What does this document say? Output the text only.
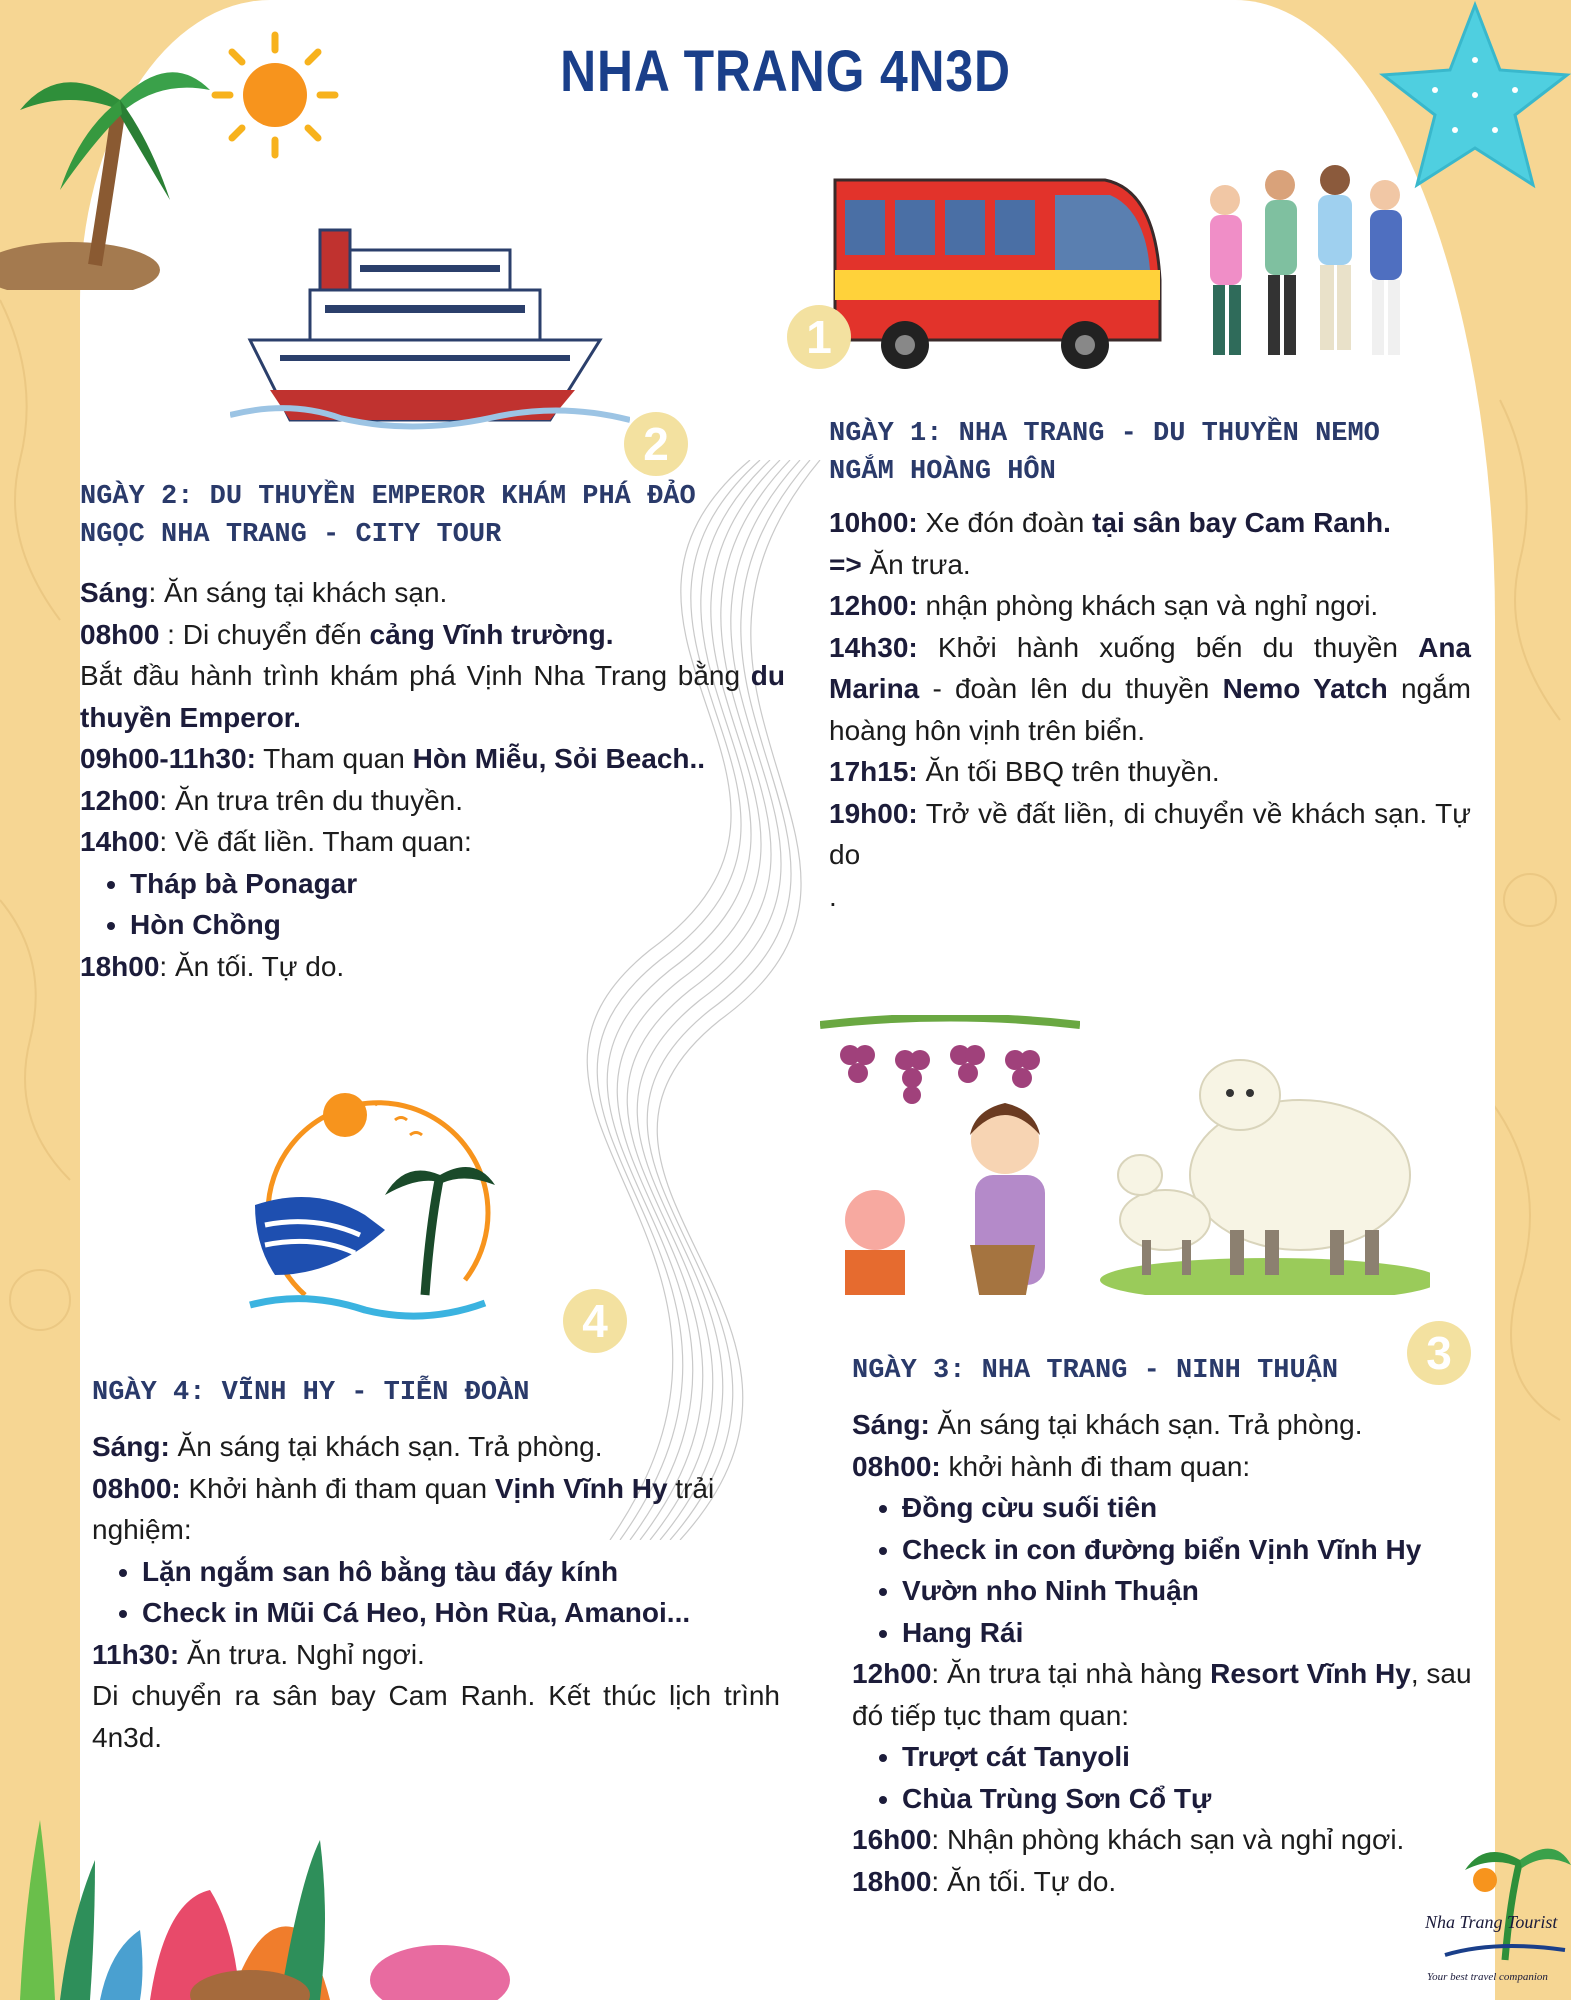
NHA TRANG 4N3D
1
2
3
4
NGÀY 2: DU THUYỀN EMPEROR KHÁM PHÁ ĐẢO
NGỌC NHA TRANG - CITY TOUR

Sáng: Ăn sáng tại khách sạn.

08h00 : Di chuyển đến cảng Vĩnh trường.

Bắt đầu hành trình khám phá Vịnh Nha Trang bằng du thuyền Emperor.

09h00-11h30: Tham quan Hòn Miễu, Sỏi Beach..

12h00: Ăn trưa trên du thuyền.

14h00: Về đất liền. Tham quan:

• Tháp bà Ponagar
• Hòn Chồng

18h00: Ăn tối. Tự do.

NGÀY 1: NHA TRANG - DU THUYỀN NEMO
NGẮM HOÀNG HÔN

10h00: Xe đón đoàn tại sân bay Cam Ranh.

=> Ăn trưa.

12h00: nhận phòng khách sạn và nghỉ ngơi.

14h30: Khởi hành xuống bến du thuyền Ana Marina - đoàn lên du thuyền Nemo Yatch ngắm hoàng hôn vịnh trên biển.

17h15: Ăn tối BBQ trên thuyền.

19h00: Trở về đất liền, di chuyển về khách sạn. Tự do

.

NGÀY 4: VĨNH HY - TIỄN ĐOÀN

Sáng: Ăn sáng tại khách sạn. Trả phòng.

08h00: Khởi hành đi tham quan Vịnh Vĩnh Hy trải nghiệm:

• Lặn ngắm san hô bằng tàu đáy kính
• Check in Mũi Cá Heo, Hòn Rùa, Amanoi...

11h30: Ăn trưa. Nghỉ ngơi.

Di chuyển ra sân bay Cam Ranh. Kết thúc lịch trình 4n3d.

NGÀY 3: NHA TRANG - NINH THUẬN

Sáng: Ăn sáng tại khách sạn. Trả phòng.

08h00: khởi hành đi tham quan:

• Đồng cừu suối tiên
• Check in con đường biển Vịnh Vĩnh Hy
• Vườn nho Ninh Thuận
• Hang Rái

12h00: Ăn trưa tại nhà hàng Resort Vĩnh Hy, sau đó tiếp tục tham quan:

• Trượt cát Tanyoli
• Chùa Trùng Sơn Cổ Tự

16h00: Nhận phòng khách sạn và nghỉ ngơi.

18h00: Ăn tối. Tự do.

Nha Trang Tourist
Your best travel companion
